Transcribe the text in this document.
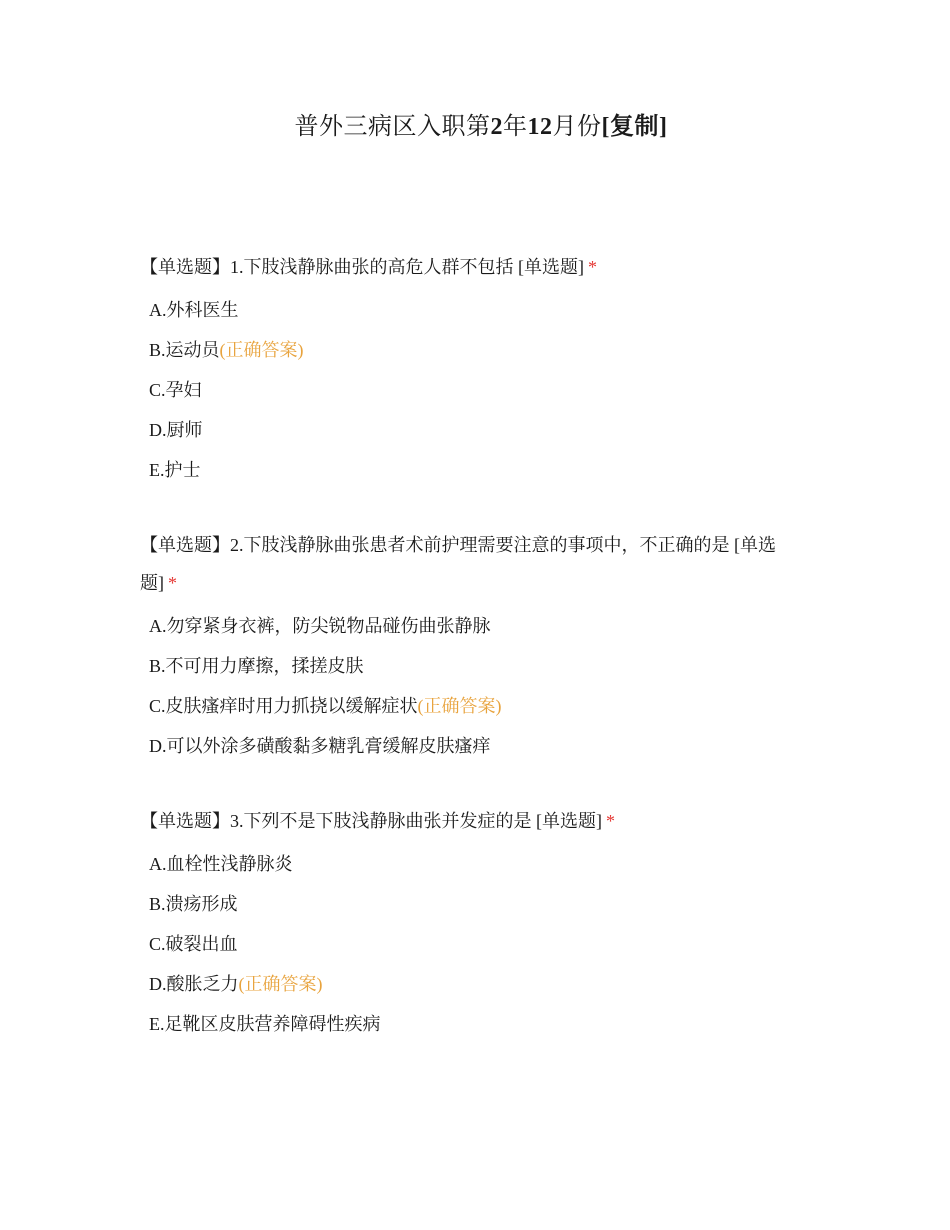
普外三病区入职第2年12月份[复制]
【单选题】1.下肢浅静脉曲张的高危人群不包括 [单选题] *
A.外科医生
B.运动员(正确答案)
C.孕妇
D.厨师
E.护士
【单选题】2.下肢浅静脉曲张患者术前护理需要注意的事项中，不正确的是 [单选题] *
A.勿穿紧身衣裤，防尖锐物品碰伤曲张静脉
B.不可用力摩擦，揉搓皮肤
C.皮肤瘙痒时用力抓挠以缓解症状(正确答案)
D.可以外涂多磺酸黏多糖乳膏缓解皮肤瘙痒
【单选题】3.下列不是下肢浅静脉曲张并发症的是 [单选题] *
A.血栓性浅静脉炎
B.溃疡形成
C.破裂出血
D.酸胀乏力(正确答案)
E.足靴区皮肤营养障碍性疾病
